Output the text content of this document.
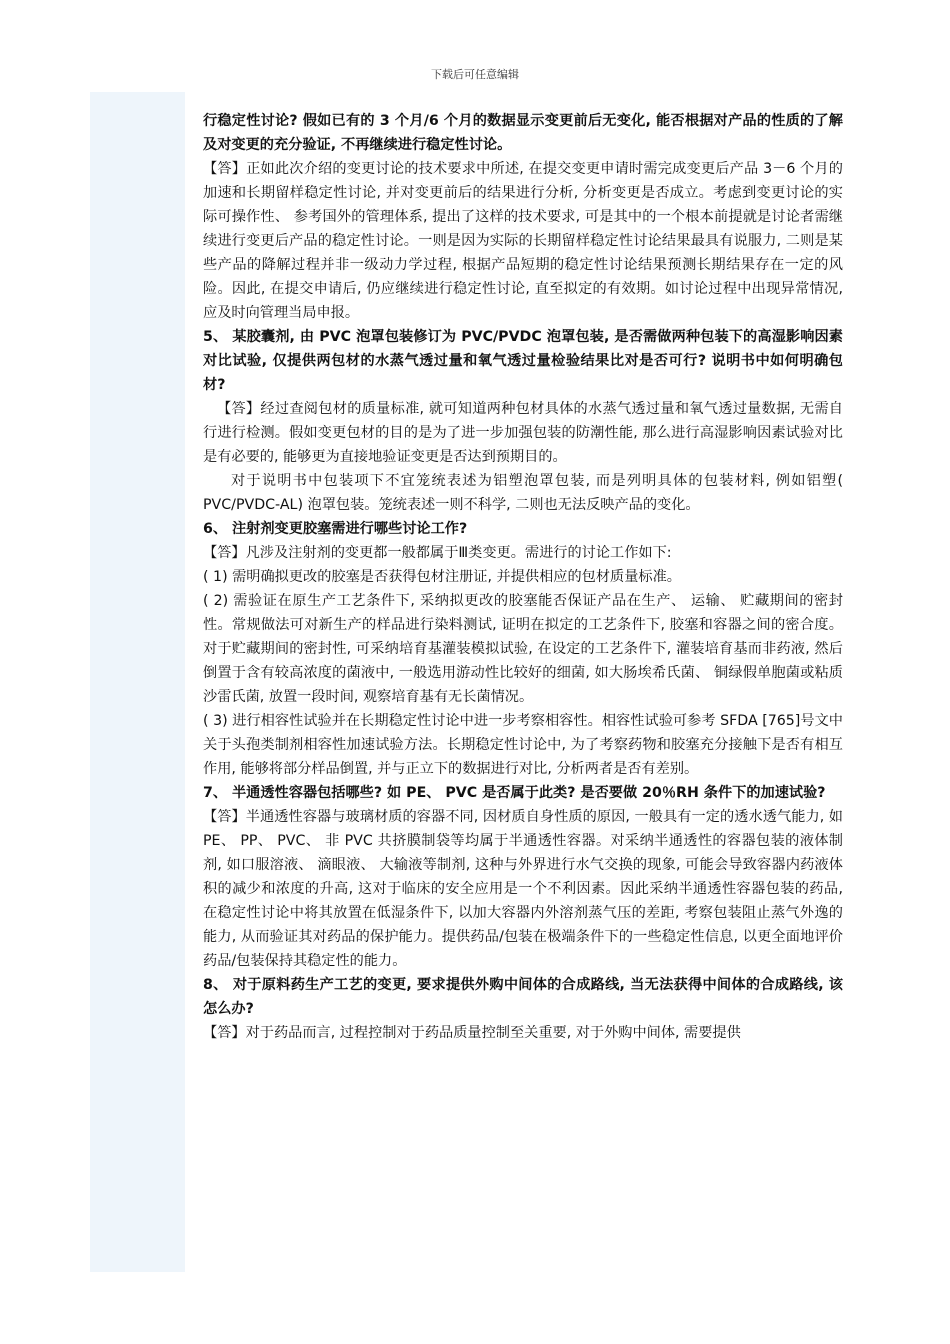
下载后可任意编辑

行稳定性讨论? 假如已有的 3 个月/6 个月的数据显示变更前后无变化, 能否根据对产品的性质的了解及对变更的充分验证, 不再继续进行稳定性讨论。

【答】正如此次介绍的变更讨论的技术要求中所述, 在提交变更申请时需完成变更后产品 3－6 个月的加速和长期留样稳定性讨论, 并对变更前后的结果进行分析, 分析变更是否成立。考虑到变更讨论的实际可操作性、 参考国外的管理体系, 提出了这样的技术要求, 可是其中的一个根本前提就是讨论者需继续进行变更后产品的稳定性讨论。一则是因为实际的长期留样稳定性讨论结果最具有说服力, 二则是某些产品的降解过程并非一级动力学过程, 根据产品短期的稳定性讨论结果预测长期结果存在一定的风险。因此, 在提交申请后, 仍应继续进行稳定性讨论, 直至拟定的有效期。如讨论过程中出现异常情况, 应及时向管理当局申报。

5、 某胶囊剂, 由 PVC 泡罩包装修订为 PVC/PVDC 泡罩包装, 是否需做两种包装下的高湿影响因素对比试验, 仅提供两包材的水蒸气透过量和氧气透过量检验结果比对是否可行? 说明书中如何明确包材?

【答】经过查阅包材的质量标准, 就可知道两种包材具体的水蒸气透过量和氧气透过量数据, 无需自行进行检测。假如变更包材的目的是为了进一步加强包装的防潮性能, 那么进行高湿影响因素试验对比是有必要的, 能够更为直接地验证变更是否达到预期目的。

对于说明书中包装项下不宜笼统表述为铝塑泡罩包装, 而是列明具体的包装材料, 例如铝塑( PVC/PVDC-AL) 泡罩包装。笼统表述一则不科学, 二则也无法反映产品的变化。

6、 注射剂变更胶塞需进行哪些讨论工作?

【答】凡涉及注射剂的变更都一般都属于Ⅲ类变更。需进行的讨论工作如下:

( 1) 需明确拟更改的胶塞是否获得包材注册证, 并提供相应的包材质量标准。

( 2) 需验证在原生产工艺条件下, 采纳拟更改的胶塞能否保证产品在生产、 运输、 贮藏期间的密封性。常规做法可对新生产的样品进行染料测试, 证明在拟定的工艺条件下, 胶塞和容器之间的密合度。对于贮藏期间的密封性, 可采纳培育基灌装模拟试验, 在设定的工艺条件下, 灌装培育基而非药液, 然后倒置于含有较高浓度的菌液中, 一般选用游动性比较好的细菌, 如大肠埃希氏菌、 铜绿假单胞菌或粘质沙雷氏菌, 放置一段时间, 观察培育基有无长菌情况。

( 3) 进行相容性试验并在长期稳定性讨论中进一步考察相容性。相容性试验可参考 SFDA [765]号文中关于头孢类制剂相容性加速试验方法。长期稳定性讨论中, 为了考察药物和胶塞充分接触下是否有相互作用, 能够将部分样品倒置, 并与正立下的数据进行对比, 分析两者是否有差别。

7、 半通透性容器包括哪些? 如 PE、 PVC 是否属于此类? 是否要做 20％RH 条件下的加速试验?

【答】半通透性容器与玻璃材质的容器不同, 因材质自身性质的原因, 一般具有一定的透水透气能力, 如 PE、 PP、 PVC、 非 PVC 共挤膜制袋等均属于半通透性容器。对采纳半通透性的容器包装的液体制剂, 如口服溶液、 滴眼液、 大输液等制剂, 这种与外界进行水气交换的现象, 可能会导致容器内药液体积的减少和浓度的升高, 这对于临床的安全应用是一个不利因素。因此采纳半通透性容器包装的药品, 在稳定性讨论中将其放置在低湿条件下, 以加大容器内外溶剂蒸气压的差距, 考察包装阻止蒸气外逸的能力, 从而验证其对药品的保护能力。提供药品/包装在极端条件下的一些稳定性信息, 以更全面地评价药品/包装保持其稳定性的能力。

8、 对于原料药生产工艺的变更, 要求提供外购中间体的合成路线, 当无法获得中间体的合成路线, 该怎么办?

【答】对于药品而言, 过程控制对于药品质量控制至关重要, 对于外购中间体, 需要提供
